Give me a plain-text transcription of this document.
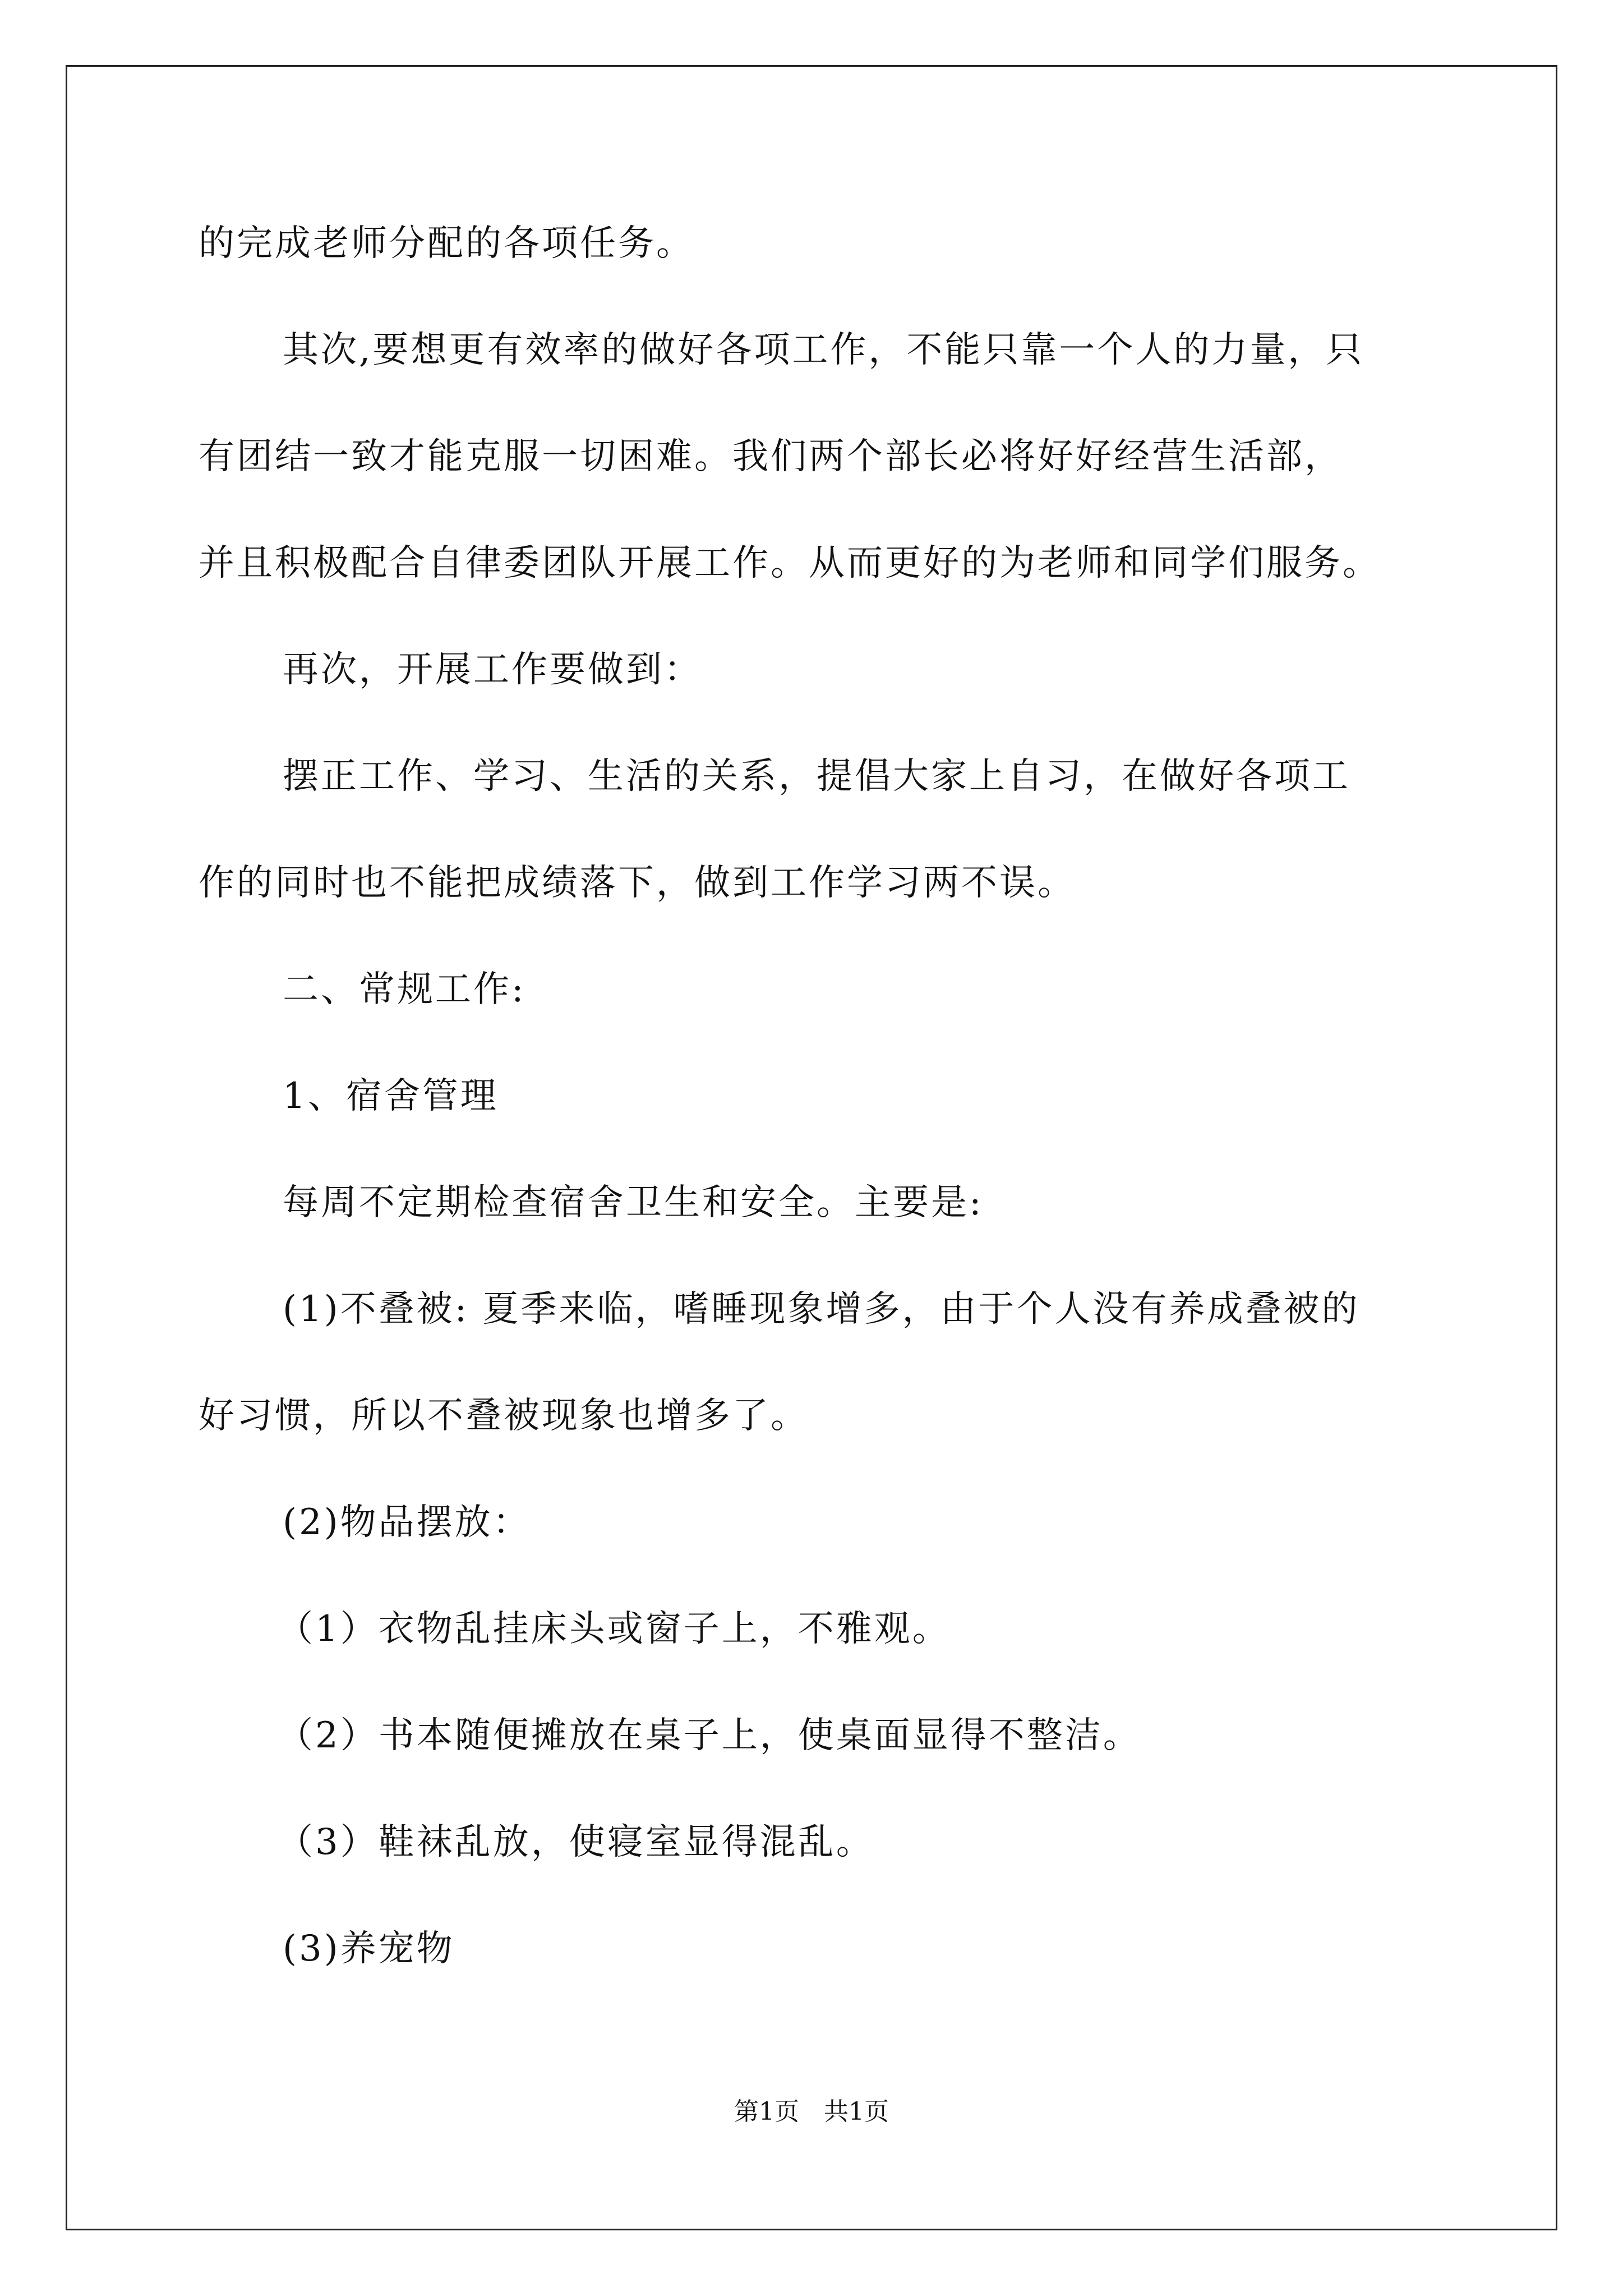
的完成老师分配的各项任务。
其次,要想更有效率的做好各项工作，不能只靠一个人的力量，只
有团结一致才能克服一切困难。我们两个部长必将好好经营生活部，
并且积极配合自律委团队开展工作。从而更好的为老师和同学们服务。
再次，开展工作要做到：
摆正工作、学习、生活的关系，提倡大家上自习，在做好各项工
作的同时也不能把成绩落下，做到工作学习两不误。
二、常规工作:
1、宿舍管理
每周不定期检查宿舍卫生和安全。主要是:
(1)不叠被: 夏季来临，嗜睡现象增多，由于个人没有养成叠被的
好习惯，所以不叠被现象也增多了。
(2)物品摆放：
（1）衣物乱挂床头或窗子上，不雅观。
（2）书本随便摊放在桌子上，使桌面显得不整洁。
（3）鞋袜乱放，使寝室显得混乱。
(3)养宠物
第1页　共1页
